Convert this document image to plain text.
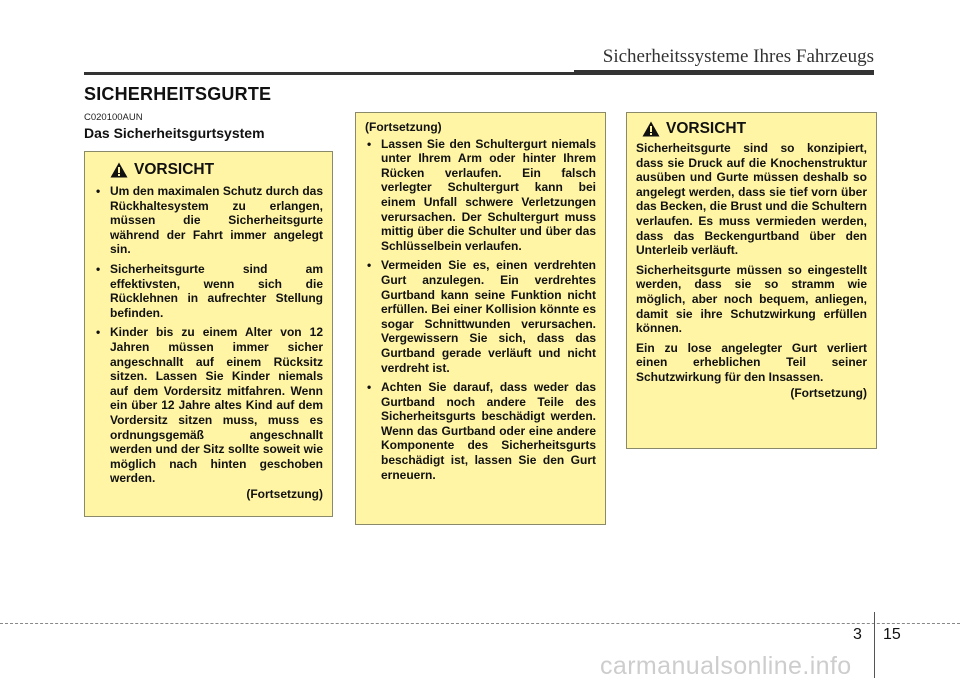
Sicherheitssysteme Ihres Fahrzeugs
SICHERHEITSGURTE
C020100AUN
Das Sicherheitsgurtsystem
VORSICHT
• Um den maximalen Schutz durch das Rückhaltesystem zu erlangen, müssen die Sicherheitsgurte während der Fahrt immer angelegt sin.
• Sicherheitsgurte sind am effektivsten, wenn sich die Rücklehnen in aufrechter Stellung befinden.
• Kinder bis zu einem Alter von 12 Jahren müssen immer sicher angeschnallt auf einem Rücksitz sitzen. Lassen Sie Kinder niemals auf dem Vordersitz mitfahren. Wenn ein über 12 Jahre altes Kind auf dem Vordersitz sitzen muss, muss es ordnungsgemäß angeschnallt werden und der Sitz sollte soweit wie möglich nach hinten geschoben werden.
(Fortsetzung)
(Fortsetzung)
• Lassen Sie den Schultergurt niemals unter Ihrem Arm oder hinter Ihrem Rücken verlaufen. Ein falsch verlegter Schultergurt kann bei einem Unfall schwere Verletzungen verursachen. Der Schultergurt muss mittig über die Schulter und über das Schlüsselbein verlaufen.
• Vermeiden Sie es, einen verdrehten Gurt anzulegen. Ein verdrehtes Gurtband kann seine Funktion nicht erfüllen. Bei einer Kollision könnte es sogar Schnittwunden verursachen. Vergewissern Sie sich, dass das Gurtband gerade verläuft und nicht verdreht ist.
• Achten Sie darauf, dass weder das Gurtband noch andere Teile des Sicherheitsgurts beschädigt werden. Wenn das Gurtband oder eine andere Komponente des Sicherheitsgurts beschädigt ist, lassen Sie den Gurt erneuern.
VORSICHT

Sicherheitsgurte sind so konzipiert, dass sie Druck auf die Knochenstruktur ausüben und Gurte müssen deshalb so angelegt werden, dass sie tief vorn über das Becken, die Brust und die Schultern verlaufen. Es muss vermieden werden, dass das Beckengurtband über den Unterleib verläuft.

Sicherheitsgurte müssen so eingestellt werden, dass sie so stramm wie möglich, aber noch bequem, anliegen, damit sie ihre Schutzwirkung erfüllen können.

Ein zu lose angelegter Gurt verliert einen erheblichen Teil seiner Schutzwirkung für den Insassen.

(Fortsetzung)
3 15
carmanualsonline.info
